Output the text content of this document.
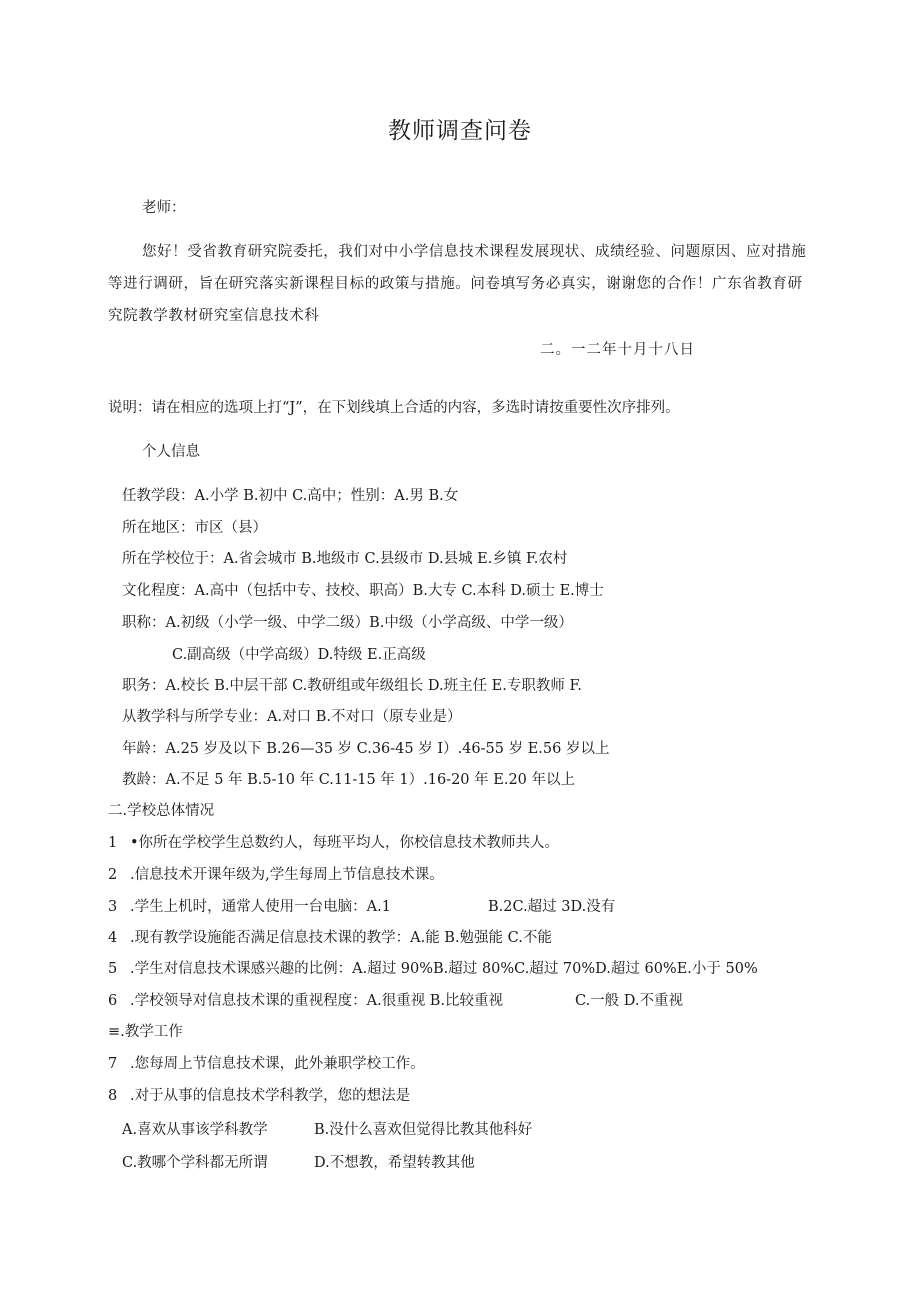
教师调查问卷
老师：
您好！受省教育研究院委托，我们对中小学信息技术课程发展现状、成绩经验、问题原因、应对措施等进行调研，旨在研究落实新课程目标的政策与措施。问卷填写务必真实，谢谢您的合作！广东省教育研究院教学教材研究室信息技术科
二。一二年十月十八日
说明：请在相应的选项上打“J”，在下划线填上合适的内容，多选时请按重要性次序排列。
个人信息
任教学段：A.小学 B.初中 C.高中；性别：A.男 B.女
所在地区：市区（县）
所在学校位于：A.省会城市 B.地级市 C.县级市 D.县城 E.乡镇 F.农村
文化程度：A.高中（包括中专、技校、职高）B.大专 C.本科 D.硕士 E.博士
职称：A.初级（小学一级、中学二级）B.中级（小学高级、中学一级）
C.副高级（中学高级）D.特级 E.正高级
职务：A.校长 B.中层干部 C.教研组或年级组长 D.班主任 E.专职教师 F.
从教学科与所学专业：A.对口 B.不对口（原专业是）
年龄：A.25 岁及以下 B.26—35 岁 C.36-45 岁 I）.46-55 岁 E.56 岁以上
教龄：A.不足 5 年 B.5-10 年 C.11-15 年 1）.16-20 年 E.20 年以上
二.学校总体情况
1 •你所在学校学生总数约人，每班平均人，你校信息技术教师共人。
2 .信息技术开课年级为,学生每周上节信息技术课。
3 .学生上机时，通常人使用一台电脑：A.1	B.2C.超过 3D.没有
4 .现有教学设施能否满足信息技术课的教学：A.能 B.勉强能 C.不能
5 .学生对信息技术课感兴趣的比例：A.超过 90%B.超过 80%C.超过 70%D.超过 60%E.小于 50%
6 .学校领导对信息技术课的重视程度：A.很重视 B.比较重视	C.一般 D.不重视
≡.教学工作
7 .您每周上节信息技术课，此外兼职学校工作。
8 .对于从事的信息技术学科教学，您的想法是
A.喜欢从事该学科教学	B.没什么喜欢但觉得比教其他科好
C.教哪个学科都无所谓	D.不想教，希望转教其他
